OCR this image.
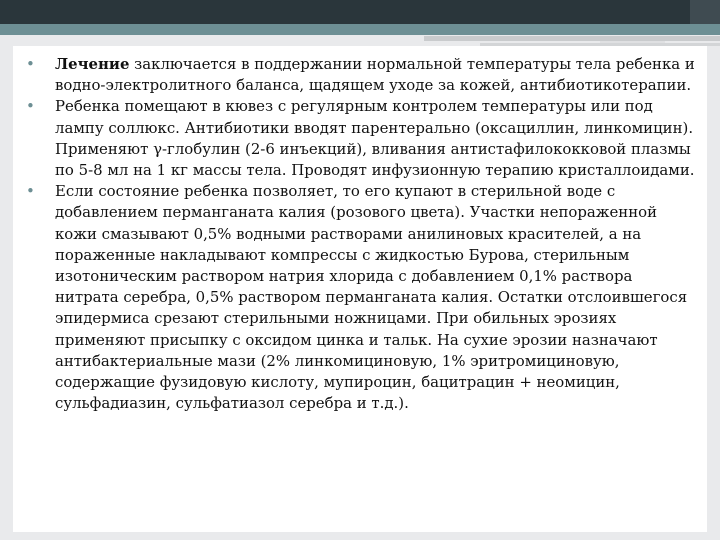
• Лечение заключается в поддержании нормальной температуры тела ребенка и водно-электролитного баланса, щадящем уходе за кожей, антибиотикотерапии.
• Ребенка помещают в кювез с регулярным контролем температуры или под лампу соллюкс. Антибиотики вводят парентерально (оксациллин, линкомицин). Применяют γ-глобулин (2-6 инъекций), вливания антистафилококковой плазмы по 5-8 мл на 1 кг массы тела. Проводят инфузионную терапию кристаллоидами.
• Если состояние ребенка позволяет, то его купают в стерильной воде с добавлением перманганата калия (розового цвета). Участки непораженной кожи смазывают 0,5% водными растворами анилиновых красителей, а на пораженные накладывают компрессы с жидкостью Бурова, стерильным изотоническим раствором натрия хлорида с добавлением 0,1% раствора нитрата серебра, 0,5% раствором перманганата калия. Остатки отслоившегося эпидермиса срезают стерильными ножницами. При обильных эрозиях применяют присыпку с оксидом цинка и тальк. На сухие эрозии назначают антибактериальные мази (2% линкомициновую, 1% эритромициновую, содержащие фузидовую кислоту, мупироцин, бацитрацин + неомицин, сульфадиазин, сульфатиазол серебра и т.д.).
